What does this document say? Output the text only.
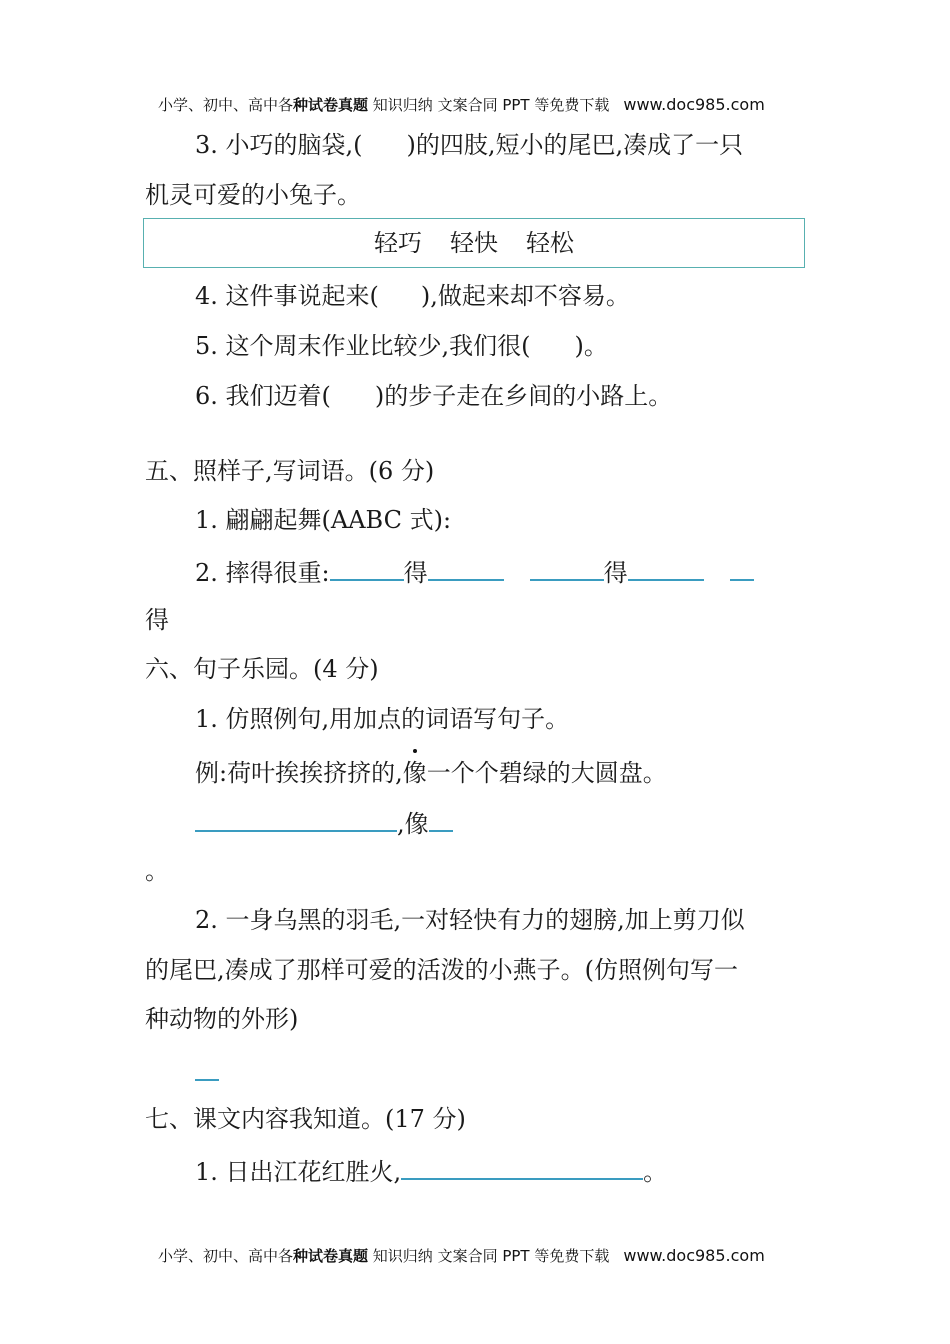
小学、初中、高中各种试卷真题 知识归纳 文案合同 PPT 等免费下载 www.doc985.com
3. 小巧的脑袋,( )的四肢,短小的尾巴,凑成了一只
机灵可爱的小兔子。
轻巧 轻快 轻松
4. 这件事说起来( ),做起来却不容易。
5. 这个周末作业比较少,我们很( )。
6. 我们迈着( )的步子走在乡间的小路上。
五、照样子,写词语。(6 分)
1. 翩翩起舞(AABC 式):
2. 摔得很重:	得	得
得
六、句子乐园。(4 分)
1. 仿照例句,用加点的词语写句子。
例:荷叶挨挨挤挤的,像一个个碧绿的大圆盘。
,像
。
2. 一身乌黑的羽毛,一对轻快有力的翅膀,加上剪刀似
的尾巴,凑成了那样可爱的活泼的小燕子。(仿照例句写一
种动物的外形)
七、课文内容我知道。(17 分)
1. 日出江花红胜火,	。
小学、初中、高中各种试卷真题 知识归纳 文案合同 PPT 等免费下载 www.doc985.com
